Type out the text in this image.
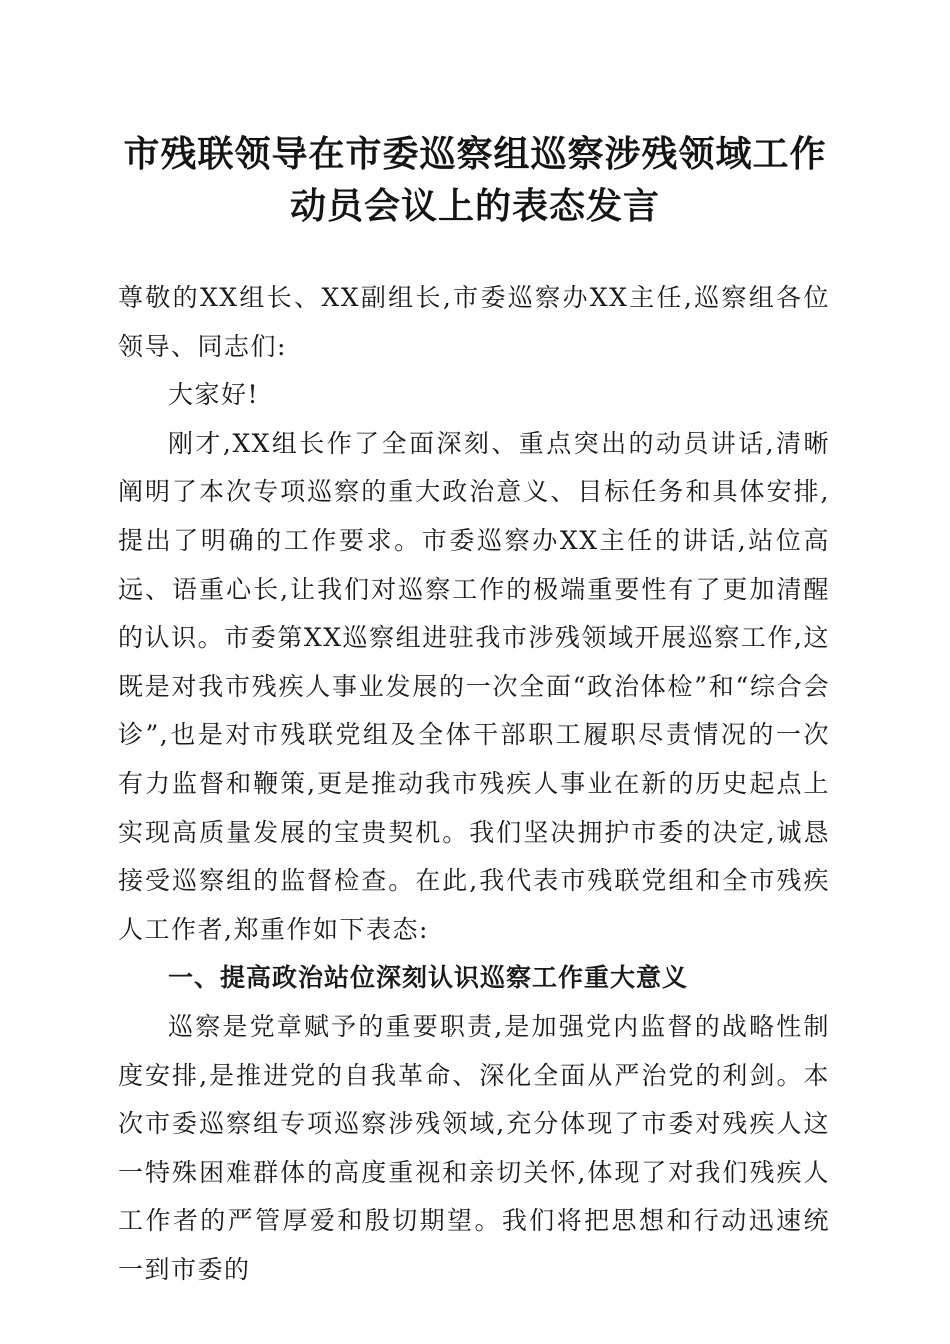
市残联领导在市委巡察组巡察涉残领域工作动员会议上的表态发言

尊敬的XX组长、XX副组长,市委巡察办XX主任,巡察组各位领导、同志们:

大家好!

刚才,XX组长作了全面深刻、重点突出的动员讲话,清晰阐明了本次专项巡察的重大政治意义、目标任务和具体安排,提出了明确的工作要求。市委巡察办XX主任的讲话,站位高远、语重心长,让我们对巡察工作的极端重要性有了更加清醒的认识。市委第XX巡察组进驻我市涉残领域开展巡察工作,这既是对我市残疾人事业发展的一次全面“政治体检”和“综合会诊”,也是对市残联党组及全体干部职工履职尽责情况的一次有力监督和鞭策,更是推动我市残疾人事业在新的历史起点上实现高质量发展的宝贵契机。我们坚决拥护市委的决定,诚恳接受巡察组的监督检查。在此,我代表市残联党组和全市残疾人工作者,郑重作如下表态:

一、提高政治站位深刻认识巡察工作重大意义

巡察是党章赋予的重要职责,是加强党内监督的战略性制度安排,是推进党的自我革命、深化全面从严治党的利剑。本次市委巡察组专项巡察涉残领域,充分体现了市委对残疾人这一特殊困难群体的高度重视和亲切关怀,体现了对我们残疾人工作者的严管厚爱和殷切期望。我们将把思想和行动迅速统一到市委的
